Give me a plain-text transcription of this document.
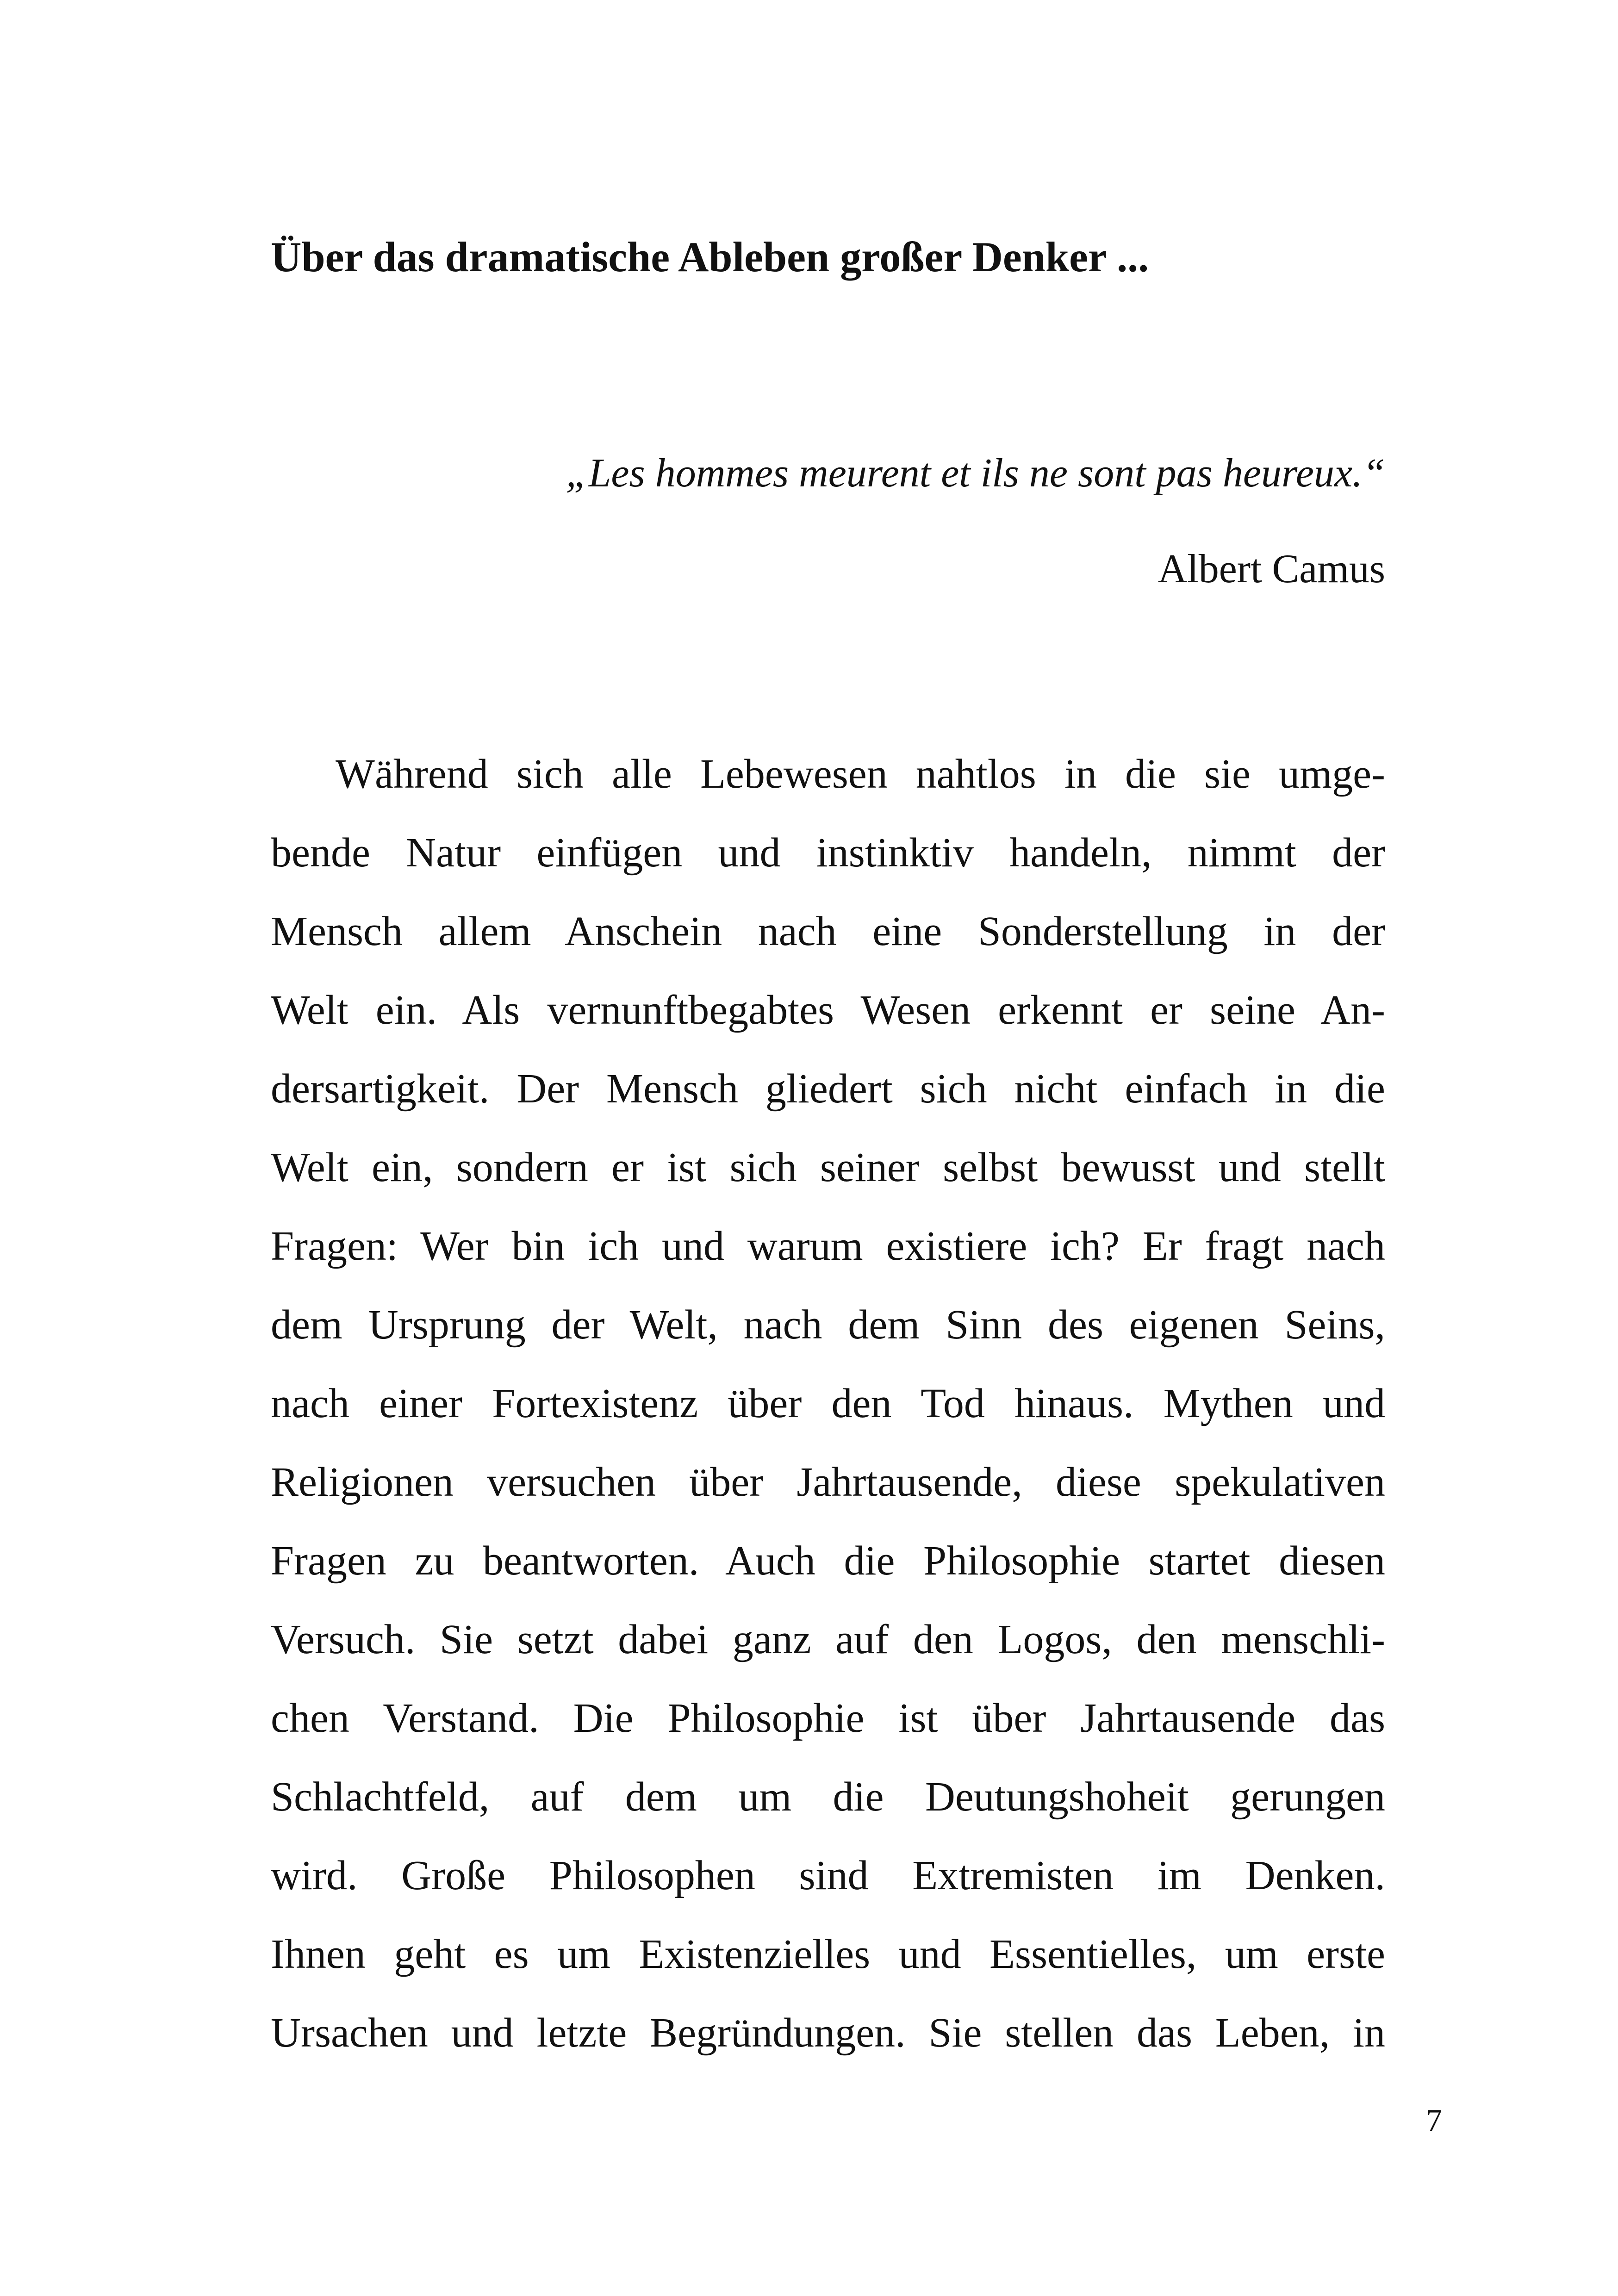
Über das dramatische Ableben großer Denker ...
„Les hommes meurent et ils ne sont pas heureux.“
Albert Camus
Während sich alle Lebewesen nahtlos in die sie umge-
bende Natur einfügen und instinktiv handeln, nimmt der
Mensch allem Anschein nach eine Sonderstellung in der
Welt ein. Als vernunftbegabtes Wesen erkennt er seine An-
dersartigkeit. Der Mensch gliedert sich nicht einfach in die
Welt ein, sondern er ist sich seiner selbst bewusst und stellt
Fragen: Wer bin ich und warum existiere ich? Er fragt nach
dem Ursprung der Welt, nach dem Sinn des eigenen Seins,
nach einer Fortexistenz über den Tod hinaus. Mythen und
Religionen versuchen über Jahrtausende, diese spekulativen
Fragen zu beantworten. Auch die Philosophie startet diesen
Versuch. Sie setzt dabei ganz auf den Logos, den menschli-
chen Verstand. Die Philosophie ist über Jahrtausende das
Schlachtfeld, auf dem um die Deutungshoheit gerungen
wird. Große Philosophen sind Extremisten im Denken.
Ihnen geht es um Existenzielles und Essentielles, um erste
Ursachen und letzte Begründungen. Sie stellen das Leben, in
7
